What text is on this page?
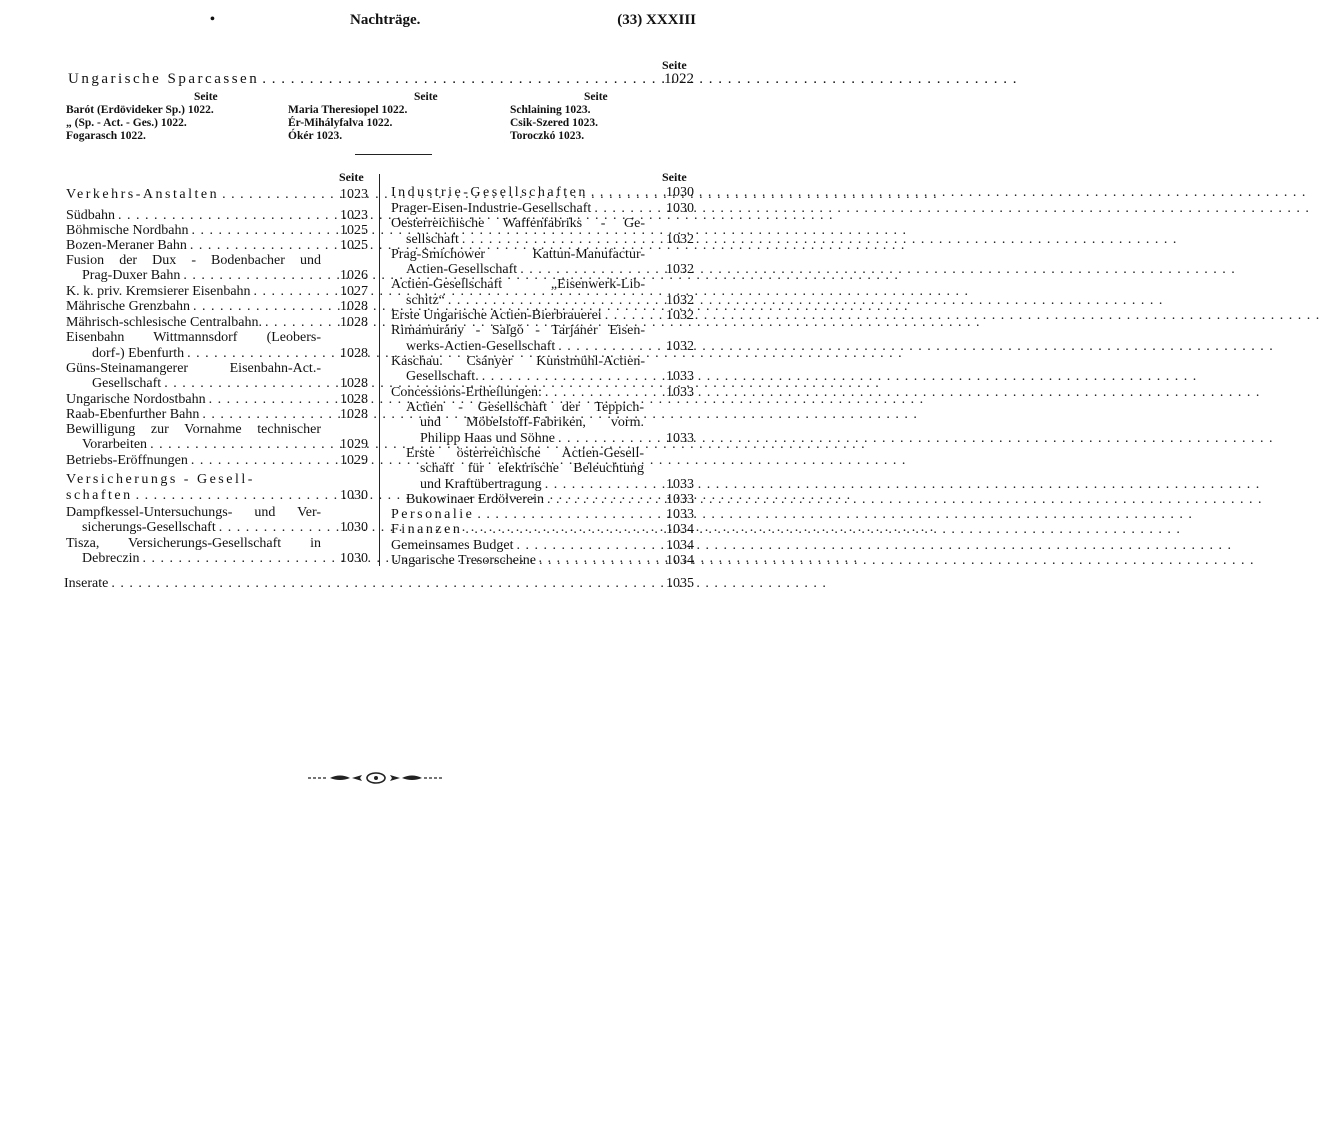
•	Nachträge.	(33) XXXIII
Seite
Ungarische Sparcassen . . .	1022
Seite	Seite	Seite
Barót (Erdövideker Sp.) 1022.
„ (Sp. - Act. - Ges.) 1022.
Fogarasch 1022.
Maria Theresiopel 1022.
Ér-Mihályfalva 1022.
Ókér 1023.
Schlaining 1023.
Csik-Szered 1023.
Toroczkó 1023.
Seite	Seite
Verkehrs-Anstalten . . .	1023
Südbahn . . .	1023
Böhmische Nordbahn . . .	1025
Bozen-Meraner Bahn . . .	1025
Fusion der Dux - Bodenbacher und
Prag-Duxer Bahn . . .	1026
K. k. priv. Kremsierer Eisenbahn . . .	1027
Mährische Grenzbahn . . .	1028
Mährisch-schlesische Centralbahn. . . .	1028
Eisenbahn Wittmannsdorf (Leobers-
dorf-) Ebenfurth . . .	1028
Güns-Steinamangerer Eisenbahn-Act.-
Gesellschaft . . .	1028
Ungarische Nordostbahn . . .	1028
Raab-Ebenfurther Bahn . . .	1028
Bewilligung zur Vornahme technischer
Vorarbeiten . . .	1029
Betriebs-Eröffnungen . . .	1029
Versicherungs - Gesell-
schaften . . .	1030
Dampfkessel-Untersuchungs- und Ver-
sicherungs-Gesellschaft . . .	1030
Tisza, Versicherungs-Gesellschaft in
Debreczin . . .	1030
Industrie-Gesellschaften . . .	1030
Prager-Eisen-Industrie-Gesellschaft . . .	1030
Oesterreichische Waffenfabriks - Ge-
sellschaft . . .	1032
Prag-Smichower Kattun-Manufactur-
Actien-Gesellschaft . . .	1032
Actien-Gesellschaft „Eisenwerk-Lib-
schitz“ . . .	1032
Erste Ungarische Actien-Bierbrauerei . . .	1032
Rimamurány - Salgó - Tarjáner Eisen-
werks-Actien-Gesellschaft . . .	1032
Kaschau. Csányer Kunstmühl-Actien-
Gesellschaft. . . .	1033
Concessions-Ertheilungen: . . .	1033
Actien - Gesellschaft der Teppich-
und Möbelstoff-Fabriken, vorm.
Philipp Haas und Söhne . . .	1033
Erste österreichische Actien-Gesell-
schaft für elektrische Beleuchtung
und Kraftübertragung . . .	1033
Bukowinaer Erdölverein . . .	1033
Personalie . . .	1033
Finanzen . . .	1034
Gemeinsames Budget . . .	1034
Ungarische Tresorscheine . . .	1034
Inserate . . .	1035
